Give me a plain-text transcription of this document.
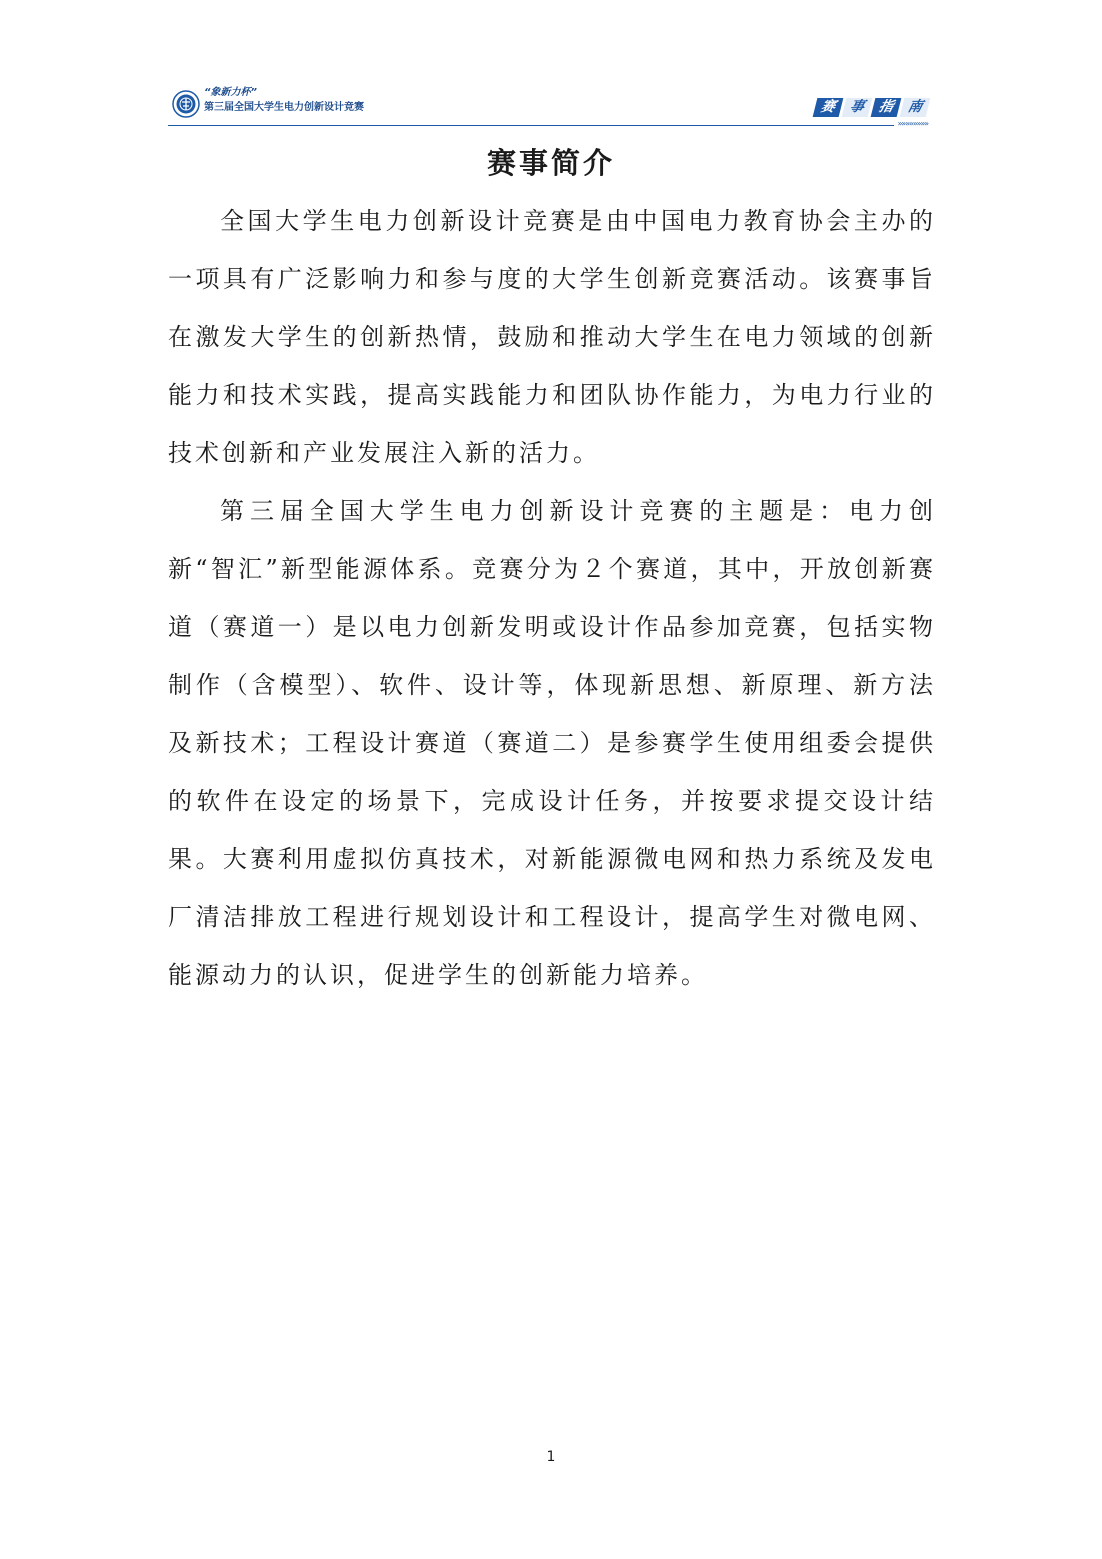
“象新力杯”
第三届全国大学生电力创新设计竞赛	赛 事 指 南
»»»»»»»»
赛事简介

全国大学生电力创新设计竞赛是由中国电力教育协会主办的一项具有广泛影响力和参与度的大学生创新竞赛活动。该赛事旨在激发大学生的创新热情，鼓励和推动大学生在电力领域的创新能力和技术实践，提高实践能力和团队协作能力，为电力行业的技术创新和产业发展注入新的活力。

第三届全国大学生电力创新设计竞赛的主题是：电力创新“智汇”新型能源体系。竞赛分为２个赛道，其中，开放创新赛道（赛道一）是以电力创新发明或设计作品参加竞赛，包括实物制作（含模型）、软件、设计等，体现新思想、新原理、新方法及新技术；工程设计赛道（赛道二）是参赛学生使用组委会提供的软件在设定的场景下，完成设计任务，并按要求提交设计结果。大赛利用虚拟仿真技术，对新能源微电网和热力系统及发电厂清洁排放工程进行规划设计和工程设计，提高学生对微电网、能源动力的认识，促进学生的创新能力培养。

1
